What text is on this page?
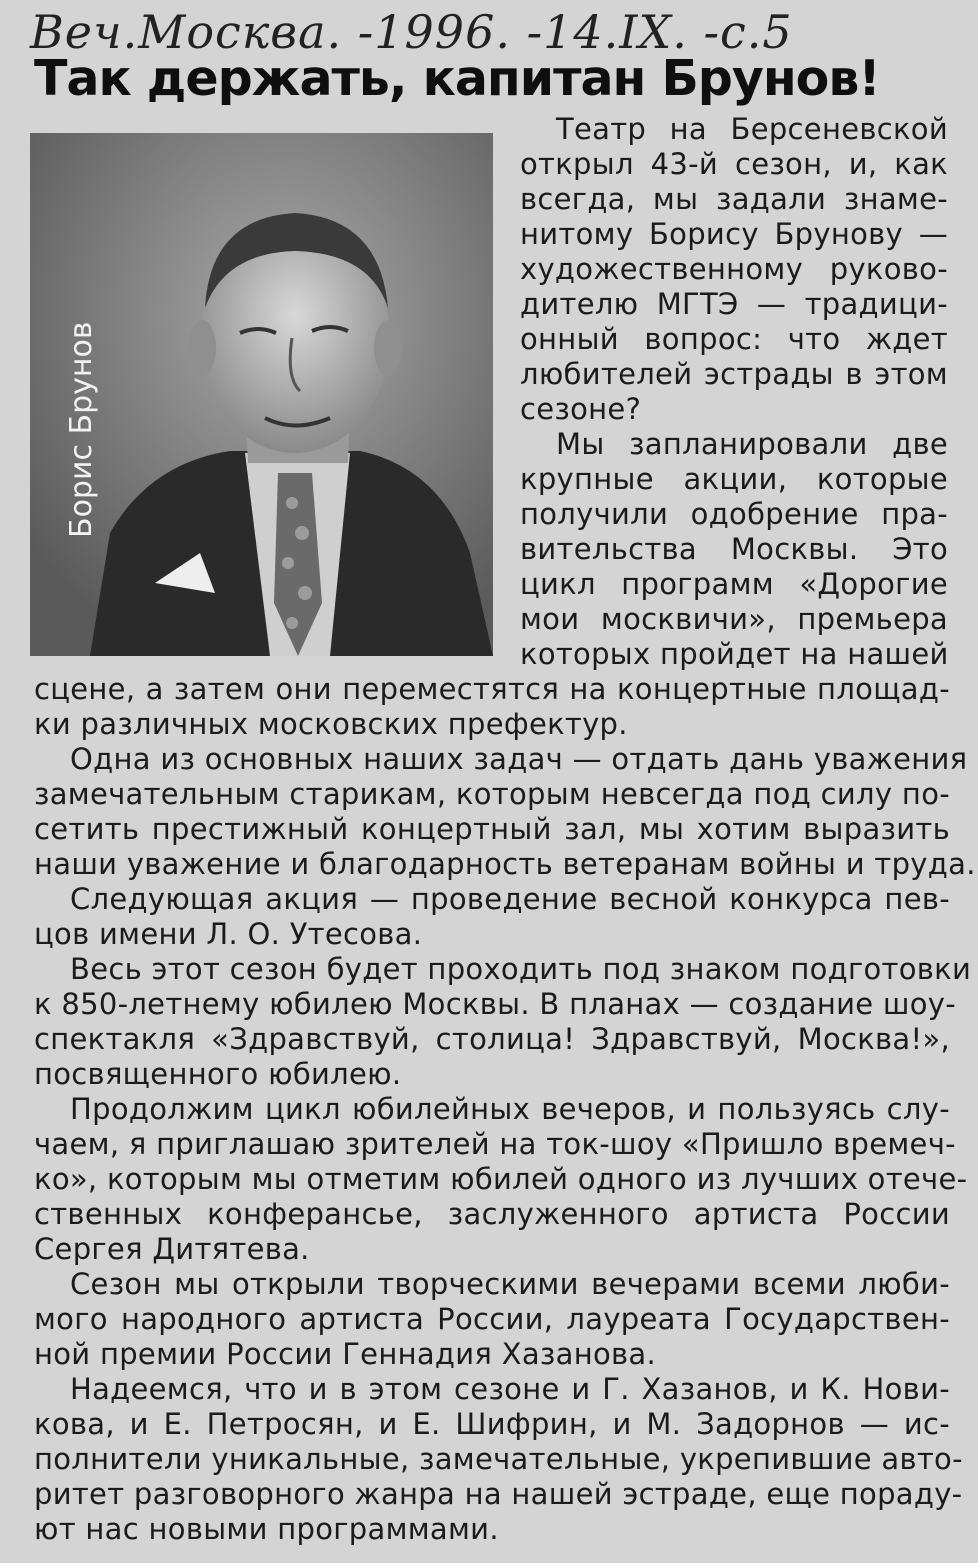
Веч.Москва. -1996. -14.IX. -с.5
Так держать, капитан Брунов!
Борис Брунов
Театр на Берсеневской
открыл 43-й сезон, и, как
всегда, мы задали знаме-
нитому Борису Брунову —
художественному руково-
дителю МГТЭ — традици-
онный вопрос: что ждет
любителей эстрады в этом
сезоне?
Мы запланировали две
крупные акции, которые
получили одобрение пра-
вительства Москвы. Это
цикл программ «Дорогие
мои москвичи», премьера
которых пройдет на нашей
сцене, а затем они переместятся на концертные площад-
ки различных московских префектур.
Одна из основных наших задач — отдать дань уважения
замечательным старикам, которым невсегда под силу по-
сетить престижный концертный зал, мы хотим выразить
наши уважение и благодарность ветеранам войны и труда.
Следующая акция — проведение весной конкурса пев-
цов имени Л. О. Утесова.
Весь этот сезон будет проходить под знаком подготовки
к 850-летнему юбилею Москвы. В планах — создание шоу-
спектакля «Здравствуй, столица! Здравствуй, Москва!»,
посвященного юбилею.
Продолжим цикл юбилейных вечеров, и пользуясь слу-
чаем, я приглашаю зрителей на ток-шоу «Пришло времеч-
ко», которым мы отметим юбилей одного из лучших отече-
ственных конферансье, заслуженного артиста России
Сергея Дитятева.
Сезон мы открыли творческими вечерами всеми люби-
мого народного артиста России, лауреата Государствен-
ной премии России Геннадия Хазанова.
Надеемся, что и в этом сезоне и Г. Хазанов, и К. Нови-
кова, и Е. Петросян, и Е. Шифрин, и М. Задорнов — ис-
полнители уникальные, замечательные, укрепившие авто-
ритет разговорного жанра на нашей эстраде, еще пораду-
ют нас новыми программами.
